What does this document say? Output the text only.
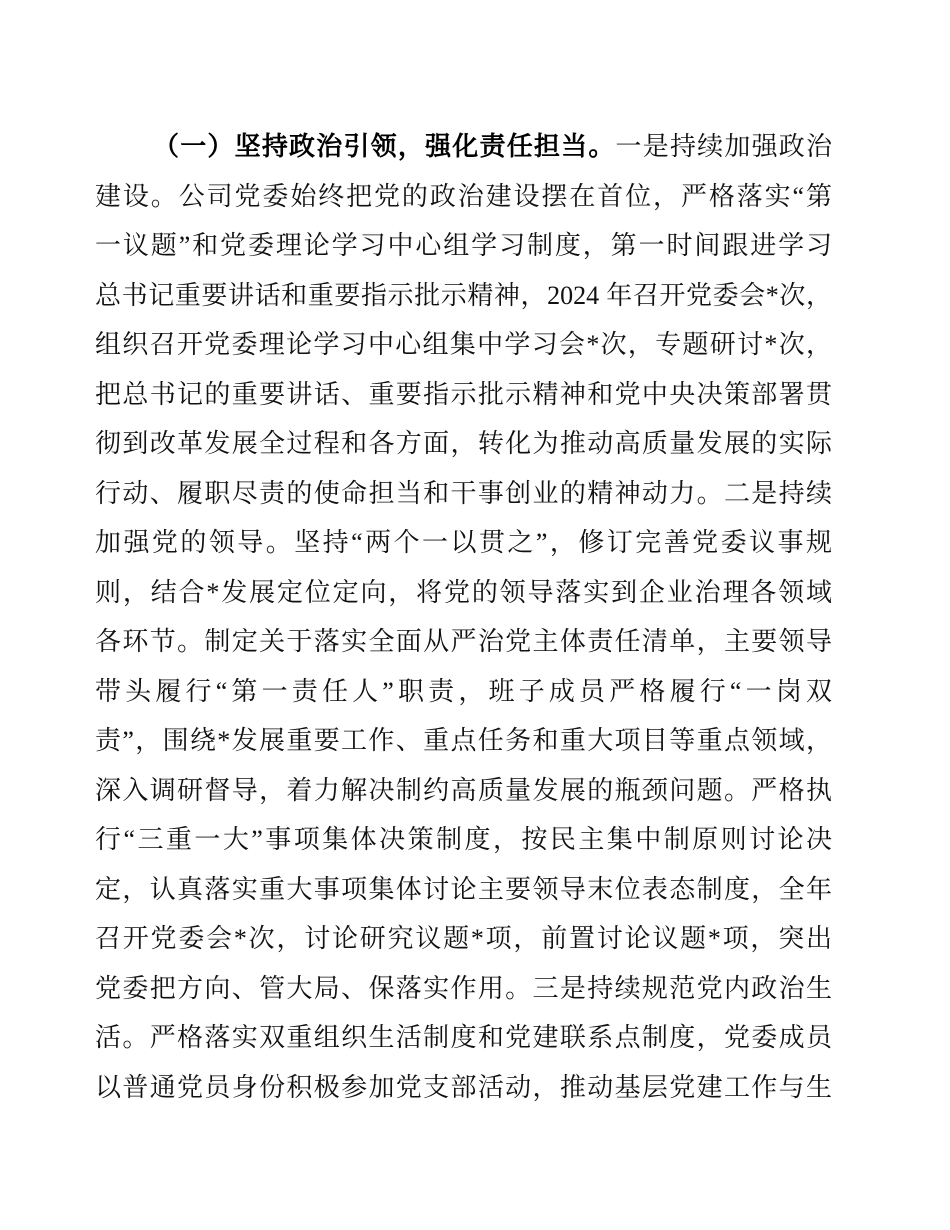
（一）坚持政治引领，强化责任担当。一是持续加强政治
建设。公司党委始终把党的政治建设摆在首位，严格落实“第
一议题”和党委理论学习中心组学习制度，第一时间跟进学习
总书记重要讲话和重要指示批示精神，2024 年召开党委会*次，
组织召开党委理论学习中心组集中学习会*次，专题研讨*次，
把总书记的重要讲话、重要指示批示精神和党中央决策部署贯
彻到改革发展全过程和各方面，转化为推动高质量发展的实际
行动、履职尽责的使命担当和干事创业的精神动力。二是持续
加强党的领导。坚持“两个一以贯之”，修订完善党委议事规
则，结合*发展定位定向，将党的领导落实到企业治理各领域
各环节。制定关于落实全面从严治党主体责任清单，主要领导
带头履行“第一责任人”职责，班子成员严格履行“一岗双
责”，围绕*发展重要工作、重点任务和重大项目等重点领域，
深入调研督导，着力解决制约高质量发展的瓶颈问题。严格执
行“三重一大”事项集体决策制度，按民主集中制原则讨论决
定，认真落实重大事项集体讨论主要领导末位表态制度，全年
召开党委会*次，讨论研究议题*项，前置讨论议题*项，突出
党委把方向、管大局、保落实作用。三是持续规范党内政治生
活。严格落实双重组织生活制度和党建联系点制度，党委成员
以普通党员身份积极参加党支部活动，推动基层党建工作与生
